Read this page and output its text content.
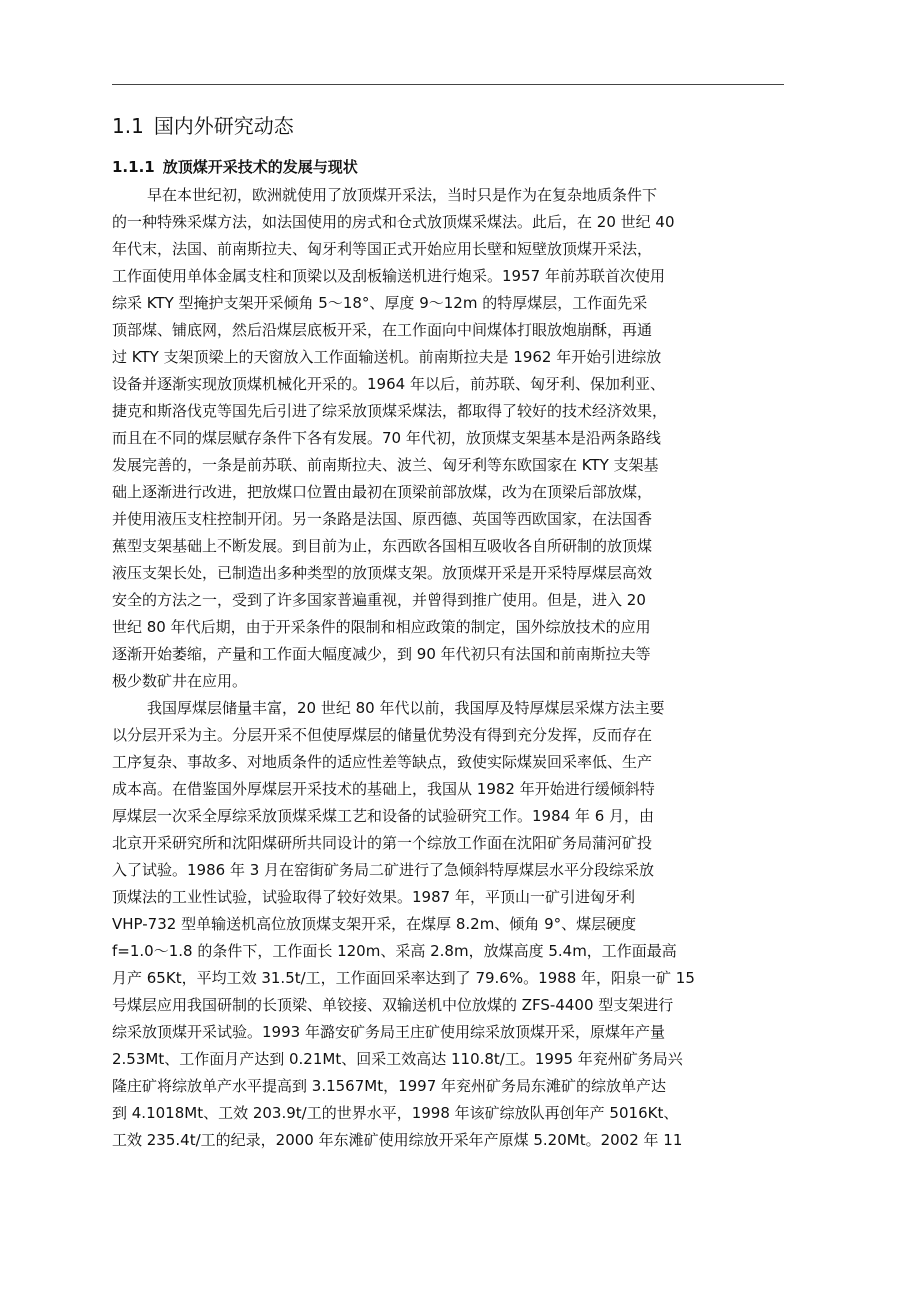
1.1 国内外研究动态
1.1.1 放顶煤开采技术的发展与现状
早在本世纪初，欧洲就使用了放顶煤开采法，当时只是作为在复杂地质条件下
的一种特殊采煤方法，如法国使用的房式和仓式放顶煤采煤法。此后，在 20 世纪 40
年代末，法国、前南斯拉夫、匈牙利等国正式开始应用长壁和短壁放顶煤开采法，
工作面使用单体金属支柱和顶梁以及刮板输送机进行炮采。1957 年前苏联首次使用
综采 KTY 型掩护支架开采倾角 5～18°、厚度 9～12m 的特厚煤层，工作面先采
顶部煤、铺底网，然后沿煤层底板开采，在工作面向中间煤体打眼放炮崩酥，再通
过 KTY 支架顶梁上的天窗放入工作面输送机。前南斯拉夫是 1962 年开始引进综放
设备并逐渐实现放顶煤机械化开采的。1964 年以后，前苏联、匈牙利、保加利亚、
捷克和斯洛伐克等国先后引进了综采放顶煤采煤法，都取得了较好的技术经济效果，
而且在不同的煤层赋存条件下各有发展。70 年代初，放顶煤支架基本是沿两条路线
发展完善的，一条是前苏联、前南斯拉夫、波兰、匈牙利等东欧国家在 KTY 支架基
础上逐渐进行改进，把放煤口位置由最初在顶梁前部放煤，改为在顶梁后部放煤，
并使用液压支柱控制开闭。另一条路是法国、原西德、英国等西欧国家，在法国香
蕉型支架基础上不断发展。到目前为止，东西欧各国相互吸收各自所研制的放顶煤
液压支架长处，已制造出多种类型的放顶煤支架。放顶煤开采是开采特厚煤层高效
安全的方法之一，受到了许多国家普遍重视，并曾得到推广使用。但是，进入 20
世纪 80 年代后期，由于开采条件的限制和相应政策的制定，国外综放技术的应用
逐渐开始萎缩，产量和工作面大幅度减少，到 90 年代初只有法国和前南斯拉夫等
极少数矿井在应用。
我国厚煤层储量丰富，20 世纪 80 年代以前，我国厚及特厚煤层采煤方法主要
以分层开采为主。分层开采不但使厚煤层的储量优势没有得到充分发挥，反而存在
工序复杂、事故多、对地质条件的适应性差等缺点，致使实际煤炭回采率低、生产
成本高。在借鉴国外厚煤层开采技术的基础上，我国从 1982 年开始进行缓倾斜特
厚煤层一次采全厚综采放顶煤采煤工艺和设备的试验研究工作。1984 年 6 月，由
北京开采研究所和沈阳煤研所共同设计的第一个综放工作面在沈阳矿务局蒲河矿投
入了试验。1986 年 3 月在窑街矿务局二矿进行了急倾斜特厚煤层水平分段综采放
顶煤法的工业性试验，试验取得了较好效果。1987 年，平顶山一矿引进匈牙利
VHP-732 型单输送机高位放顶煤支架开采，在煤厚 8.2m、倾角 9°、煤层硬度
f=1.0～1.8 的条件下，工作面长 120m、采高 2.8m，放煤高度 5.4m，工作面最高
月产 65Kt，平均工效 31.5t/工，工作面回采率达到了 79.6%。1988 年，阳泉一矿 15
号煤层应用我国研制的长顶梁、单铰接、双输送机中位放煤的 ZFS-4400 型支架进行
综采放顶煤开采试验。1993 年潞安矿务局王庄矿使用综采放顶煤开采，原煤年产量
2.53Mt、工作面月产达到 0.21Mt、回采工效高达 110.8t/工。1995 年兖州矿务局兴
隆庄矿将综放单产水平提高到 3.1567Mt，1997 年兖州矿务局东滩矿的综放单产达
到 4.1018Mt、工效 203.9t/工的世界水平，1998 年该矿综放队再创年产 5016Kt、
工效 235.4t/工的纪录，2000 年东滩矿使用综放开采年产原煤 5.20Mt。2002 年 11
